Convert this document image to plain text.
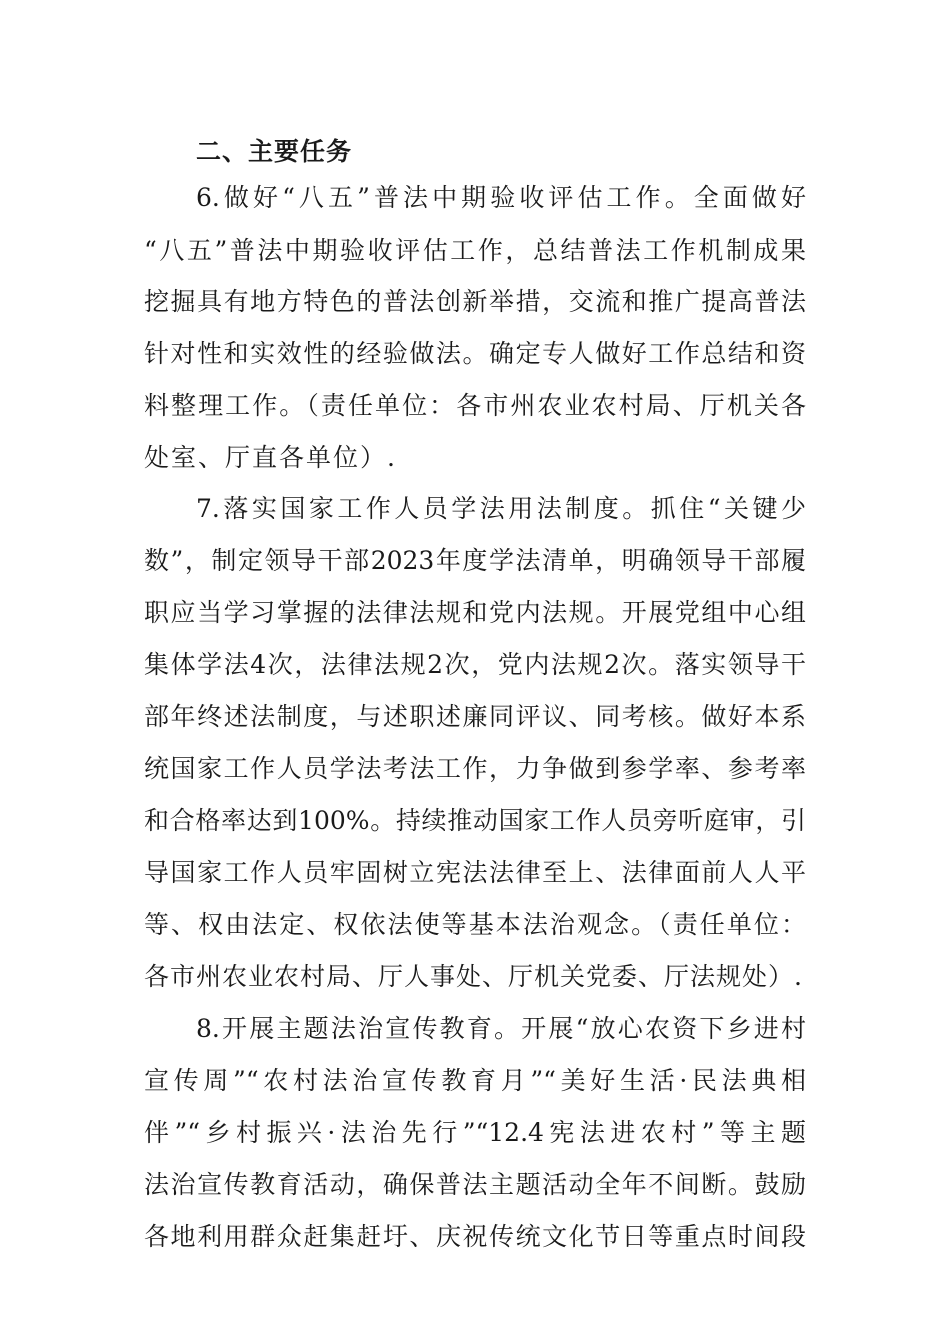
二、主要任务
6.做好“八五”普法中期验收评估工作。全面做好
“八五”普法中期验收评估工作，总结普法工作机制成果
挖掘具有地方特色的普法创新举措，交流和推广提高普法
针对性和实效性的经验做法。确定专人做好工作总结和资
料整理工作。（责任单位：各市州农业农村局、厅机关各
处室、厅直各单位）.
7.落实国家工作人员学法用法制度。抓住“关键少
数”，制定领导干部2023年度学法清单，明确领导干部履
职应当学习掌握的法律法规和党内法规。开展党组中心组
集体学法4次，法律法规2次，党内法规2次。落实领导干
部年终述法制度，与述职述廉同评议、同考核。做好本系
统国家工作人员学法考法工作，力争做到参学率、参考率
和合格率达到100%。持续推动国家工作人员旁听庭审，引
导国家工作人员牢固树立宪法法律至上、法律面前人人平
等、权由法定、权依法使等基本法治观念。（责任单位：
各市州农业农村局、厅人事处、厅机关党委、厅法规处）.
8.开展主题法治宣传教育。开展“放心农资下乡进村
宣传周”“农村法治宣传教育月”“美好生活·民法典相
伴”“乡村振兴·法治先行”“12.4宪法进农村”等主题
法治宣传教育活动，确保普法主题活动全年不间断。鼓励
各地利用群众赶集赶圩、庆祝传统文化节日等重点时间段
